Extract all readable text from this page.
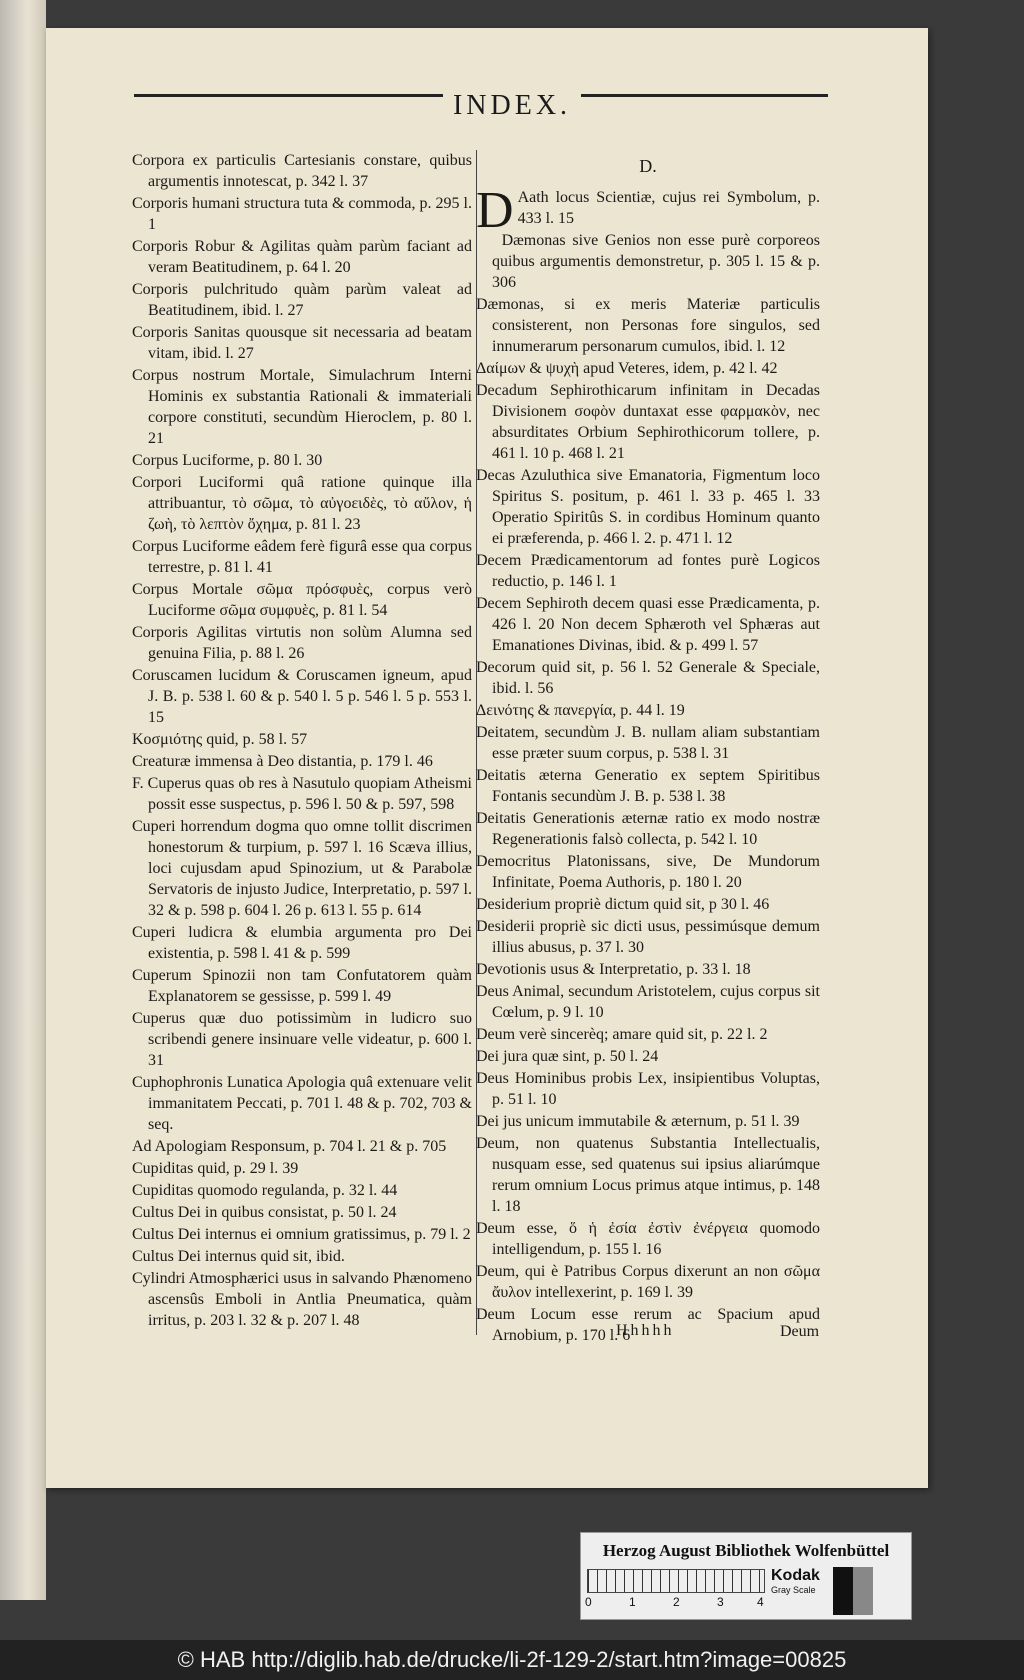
INDEX.
Corpora ex particulis Cartesianis constare, quibus argumentis innotescat, p. 342 l. 37
Corporis humani structura tuta & commoda, p. 295 l. 1
Corporis Robur & Agilitas quàm parùm faciant ad veram Beatitudinem, p. 64 l. 20
Corporis pulchritudo quàm parùm valeat ad Beatitudinem, ibid. l. 27
Corporis Sanitas quousque sit necessaria ad beatam vitam, ibid. l. 27
Corpus nostrum Mortale, Simulachrum Interni Hominis ex substantia Rationali & immateriali corpore constituti, secundùm Hieroclem, p. 80 l. 21
Corpus Luciforme, p. 80 l. 30
Corpori Luciformi quâ ratione quinque illa attribuantur, τὸ σῶμα, τὸ αὐγοειδὲς, τὸ αὔλον, ἡ ζωὴ, τὸ λεπτὸν ὄχημα, p. 81 l. 23
Corpus Luciforme eâdem ferè figurâ esse qua corpus terrestre, p. 81 l. 41
Corpus Mortale σῶμα πρόσφυὲς, corpus verò Luciforme σῶμα συμφυὲς, p. 81 l. 54
Corporis Agilitas virtutis non solùm Alumna sed genuina Filia, p. 88 l. 26
Coruscamen lucidum & Coruscamen igneum, apud J. B. p. 538 l. 60 & p. 540 l. 5 p. 546 l. 5 p. 553 l. 15
Κοσμιότης quid, p. 58 l. 57
Creaturæ immensa à Deo distantia, p. 179 l. 46
F. Cuperus quas ob res à Nasutulo quopiam Atheismi possit esse suspectus, p. 596 l. 50 & p. 597, 598
Cuperi horrendum dogma quo omne tollit discrimen honestorum & turpium, p. 597 l. 16 Scæva illius, loci cujusdam apud Spinozium, ut & Parabolæ Servatoris de injusto Judice, Interpretatio, p. 597 l. 32 & p. 598 p. 604 l. 26 p. 613 l. 55 p. 614
Cuperi ludicra & elumbia argumenta pro Dei existentia, p. 598 l. 41 & p. 599
Cuperum Spinozii non tam Confutatorem quàm Explanatorem se gessisse, p. 599 l. 49
Cuperus quæ duo potissimùm in ludicro suo scribendi genere insinuare velle videatur, p. 600 l. 31
Cuphophronis Lunatica Apologia quâ extenuare velit immanitatem Peccati, p. 701 l. 48 & p. 702, 703 & seq.
Ad Apologiam Responsum, p. 704 l. 21 & p. 705
Cupiditas quid, p. 29 l. 39
Cupiditas quomodo regulanda, p. 32 l. 44
Cultus Dei in quibus consistat, p. 50 l. 24
Cultus Dei internus ei omnium gratissimus, p. 79 l. 2
Cultus Dei internus quid sit, ibid.
Cylindri Atmosphærici usus in salvando Phænomeno ascensûs Emboli in Antlia Pneumatica, quàm irritus, p. 203 l. 32 & p. 207 l. 48
D.
D Aath locus Scientiæ, cujus rei Symbolum, p. 433 l. 15
Dæmonas sive Genios non esse purè corporeos quibus argumentis demonstretur, p. 305 l. 15 & p. 306
Dæmonas, si ex meris Materiæ particulis consisterent, non Personas fore singulos, sed innumerarum personarum cumulos, ibid. l. 12
Δαίμων & ψυχὴ apud Veteres, idem, p. 42 l. 42
Decadum Sephirothicarum infinitam in Decadas Divisionem σοφὸν duntaxat esse φαρμακὸν, nec absurditates Orbium Sephirothicorum tollere, p. 461 l. 10 p. 468 l. 21
Decas Azuluthica sive Emanatoria, Figmentum loco Spiritus S. positum, p. 461 l. 33 p. 465 l. 33 Operatio Spiritûs S. in cordibus Hominum quanto ei præferenda, p. 466 l. 2. p. 471 l. 12
Decem Prædicamentorum ad fontes purè Logicos reductio, p. 146 l. 1
Decem Sephiroth decem quasi esse Prædicamenta, p. 426 l. 20 Non decem Sphæroth vel Sphæras aut Emanationes Divinas, ibid. & p. 499 l. 57
Decorum quid sit, p. 56 l. 52 Generale & Speciale, ibid. l. 56
Δεινότης & πανεργία, p. 44 l. 19
Deitatem, secundùm J. B. nullam aliam substantiam esse præter suum corpus, p. 538 l. 31
Deitatis æterna Generatio ex septem Spiritibus Fontanis secundùm J. B. p. 538 l. 38
Deitatis Generationis æternæ ratio ex modo nostræ Regenerationis falsò collecta, p. 542 l. 10
Democritus Platonissans, sive, De Mundorum Infinitate, Poema Authoris, p. 180 l. 20
Desiderium propriè dictum quid sit, p 30 l. 46
Desiderii propriè sic dicti usus, pessimúsque demum illius abusus, p. 37 l. 30
Devotionis usus & Interpretatio, p. 33 l. 18
Deus Animal, secundum Aristotelem, cujus corpus sit Cœlum, p. 9 l. 10
Deum verè sincerèq; amare quid sit, p. 22 l. 2
Dei jura quæ sint, p. 50 l. 24
Deus Hominibus probis Lex, insipientibus Voluptas, p. 51 l. 10
Dei jus unicum immutabile & æternum, p. 51 l. 39
Deum, non quatenus Substantia Intellectualis, nusquam esse, sed quatenus sui ipsius aliarúmque rerum omnium Locus primus atque intimus, p. 148 l. 18
Deum esse, ὅ ἡ ἐσία ἐστὶν ἐνέργεια quomodo intelligendum, p. 155 l. 16
Deum, qui è Patribus Corpus dixerunt an non σῶμα ἄυλον intellexerint, p. 169 l. 39
Deum Locum esse rerum ac Spacium apud Arnobium, p. 170 l. 6
Hhhhh	Deum
Herzog August Bibliothek Wolfenbüttel
0	1	2	3	4
Kodak
Gray Scale
© HAB http://diglib.hab.de/drucke/li-2f-129-2/start.htm?image=00825
